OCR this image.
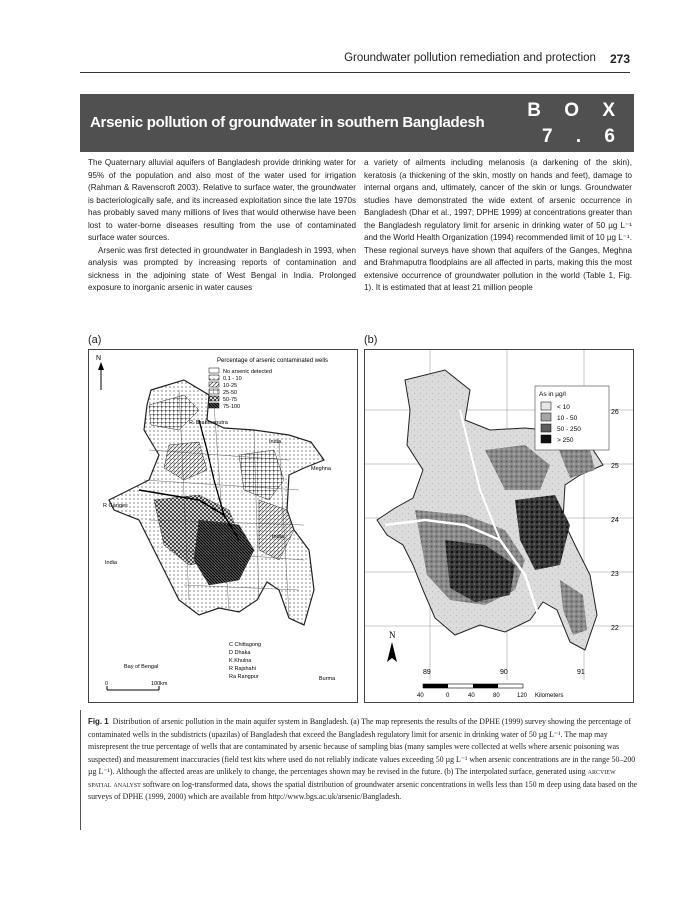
Groundwater pollution remediation and protection 273
Arsenic pollution of groundwater in southern Bangladesh
B O X
7 . 6

The Quaternary alluvial aquifers of Bangladesh provide drinking water for 95% of the population and also most of the water used for irrigation (Rahman & Ravenscroft 2003). Relative to surface water, the groundwater is bacteriologically safe, and its increased exploitation since the late 1970s has probably saved many millions of lives that would otherwise have been lost to water-borne diseases resulting from the use of contaminated surface water sources.

Arsenic was first detected in groundwater in Bangladesh in 1993, when analysis was prompted by increasing reports of contamination and sickness in the adjoining state of West Bengal in India. Prolonged exposure to inorganic arsenic in water causes

a variety of ailments including melanosis (a darkening of the skin), keratosis (a thickening of the skin, mostly on hands and feet), damage to internal organs and, ultimately, cancer of the skin or lungs. Groundwater studies have demonstrated the wide extent of arsenic occurrence in Bangladesh (Dhar et al., 1997; DPHE 1999) at concentrations greater than the Bangladesh regulatory limit for arsenic in drinking water of 50 µg L⁻¹ and the World Health Organization (1994) recommended limit of 10 µg L⁻¹. These regional surveys have shown that aquifers of the Ganges, Meghna and Brahmaputra floodplains are all affected in parts, making this the most extensive occurrence of groundwater pollution in the world (Table 1, Fig. 1). It is estimated that at least 21 million people

(a)	(b)
N	Percentage of arsenic contaminated wells
No arsenic detected
0.1 - 10
10-25
25-50
50-75
75-100
R. Brahmaputra
India
Meghna
R Ganges
India
India
Bay of Bengal
Burma
C Chittagong
D Dhaka
K Khulna
R Rajshahi
Ra Rangpur
0	100km
As in µg/l
< 10
10 - 50
50 - 250
> 250
26
25
24
23
22
89	90	91
N
40	0	40	80	120 Kilometers
Fig. 1 Distribution of arsenic pollution in the main aquifer system in Bangladesh. (a) The map represents the results of the DPHE (1999) survey showing the percentage of contaminated wells in the subdistricts (upazilas) of Bangladesh that exceed the Bangladesh regulatory limit for arsenic in drinking water of 50 µg L⁻¹. The map may misrepresent the true percentage of wells that are contaminated by arsenic because of sampling bias (many samples were collected at wells where arsenic poisoning was suspected) and measurement inaccuracies (field test kits where used do not reliably indicate values exceeding 50 µg L⁻¹ when arsenic concentrations are in the range 50–200 µg L⁻¹). Although the affected areas are unlikely to change, the percentages shown may be revised in the future. (b) The interpolated surface, generated using arcview spatial analyst software on log-transformed data, shows the spatial distribution of groundwater arsenic concentrations in wells less than 150 m deep using data based on the surveys of DPHE (1999, 2000) which are available from http://www.bgs.ac.uk/arsenic/Bangladesh.
